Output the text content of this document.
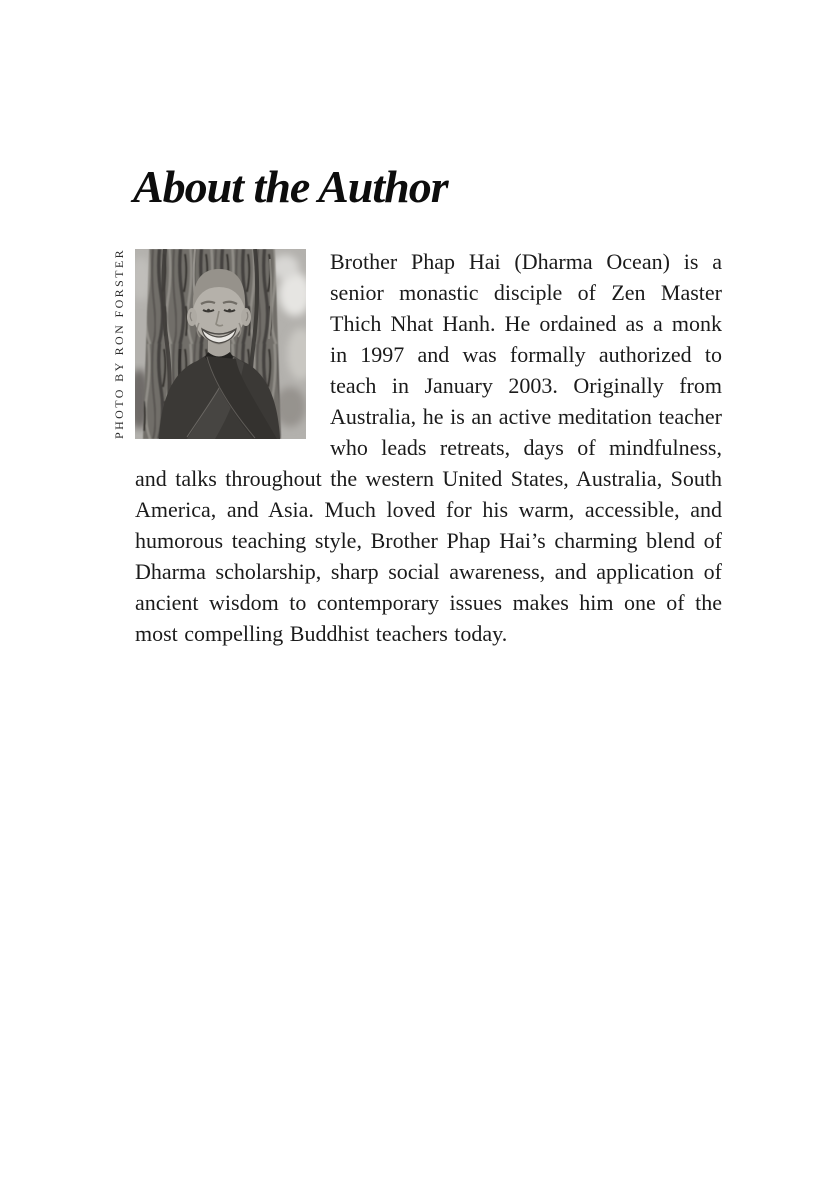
About the Author
PHOTO BY RON FORSTER	Brother Phap Hai (Dharma Ocean) is a senior monastic disciple of Zen Master Thich Nhat Hanh. He ordained as a monk in 1997 and was formally authorized to teach in January 2003. Originally from Australia, he is an active meditation teacher who leads retreats, days of mindfulness, and talks throughout the western United States, Australia, South America, and Asia. Much loved for his warm, accessible, and humorous teaching style, Brother Phap Hai’s charming blend of Dharma scholarship, sharp social awareness, and application of ancient wisdom to contemporary issues makes him one of the most compelling Buddhist teachers today.
